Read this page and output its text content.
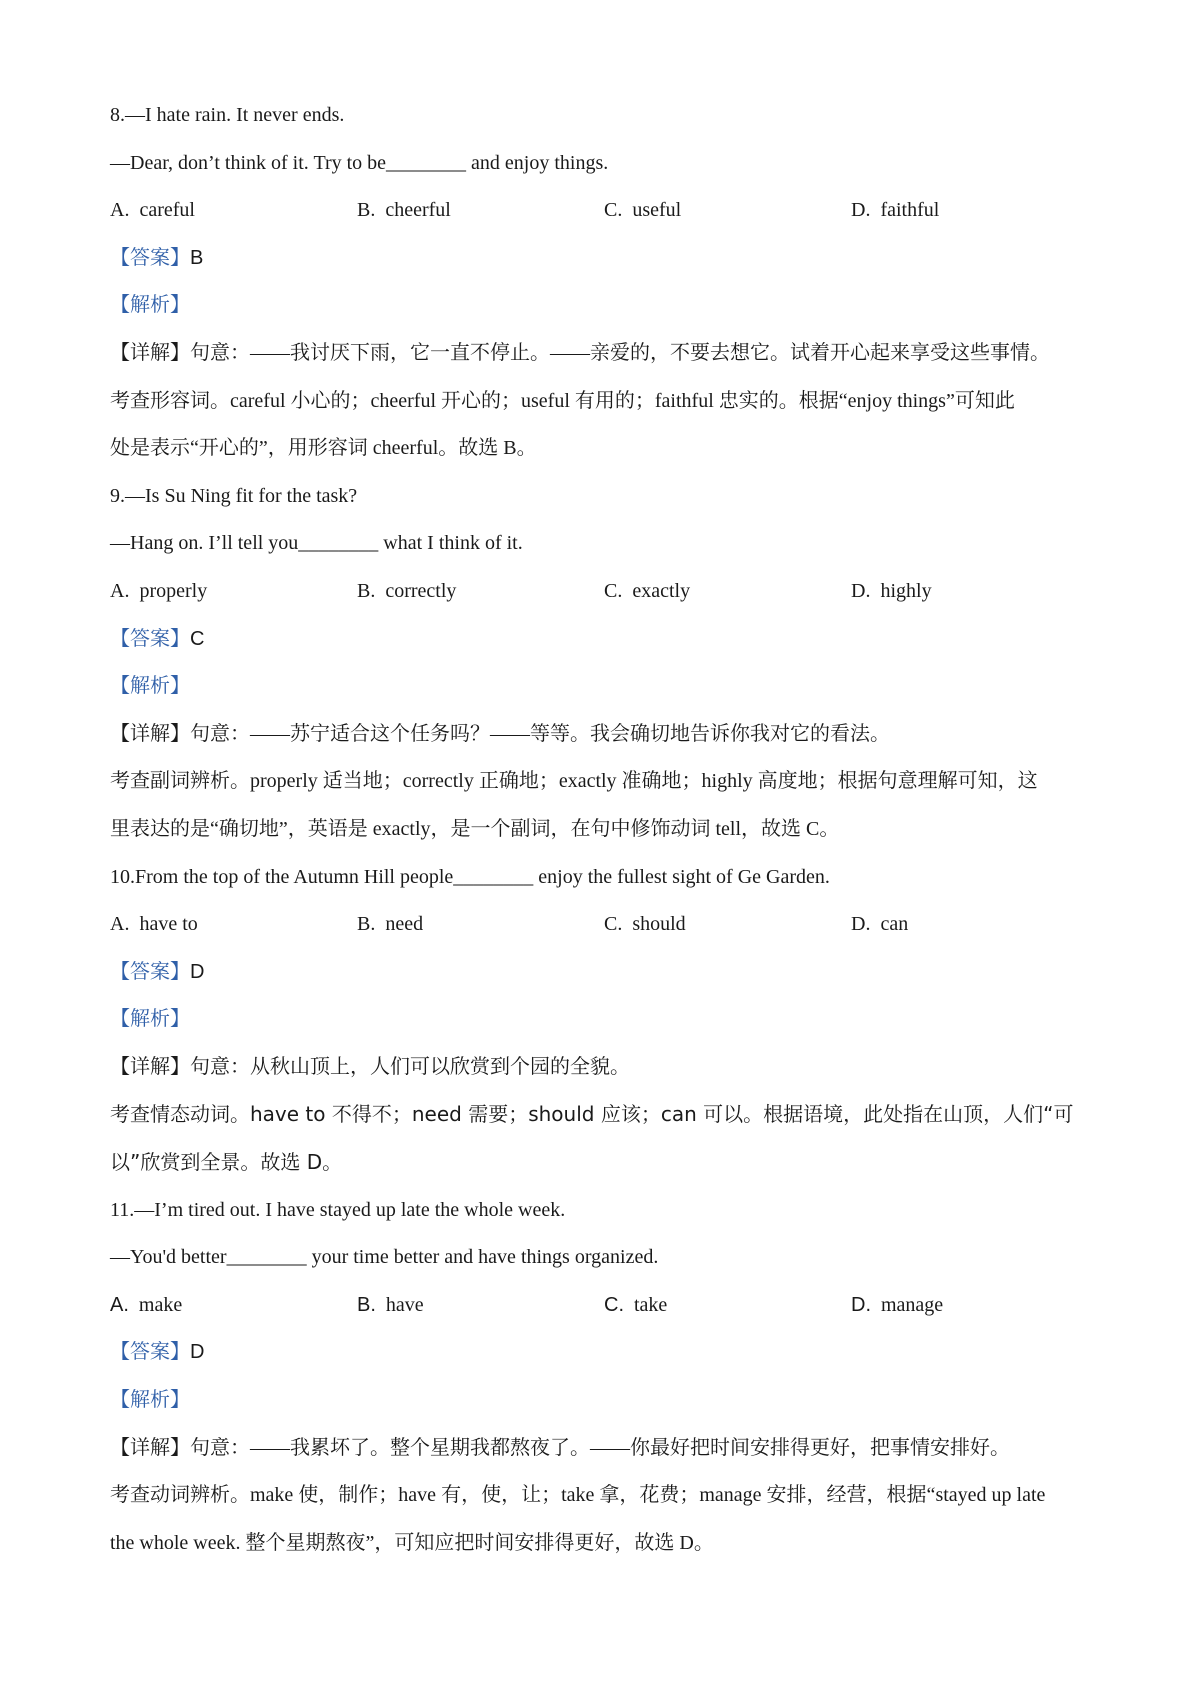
8.—I hate rain. It never ends.
—Dear, don’t think of it. Try to be________ and enjoy things.
A. careful	B. cheerful	C. useful	D. faithful
【答案】B
【解析】
【详解】句意：——我讨厌下雨，它一直不停止。——亲爱的，不要去想它。试着开心起来享受这些事情。
考查形容词。careful 小心的；cheerful 开心的；useful 有用的；faithful 忠实的。根据“enjoy things”可知此
处是表示“开心的”，用形容词 cheerful。故选 B。
9.—Is Su Ning fit for the task?
—Hang on. I’ll tell you________ what I think of it.
A. properly	B. correctly	C. exactly	D. highly
【答案】C
【解析】
【详解】句意：——苏宁适合这个任务吗？——等等。我会确切地告诉你我对它的看法。
考查副词辨析。properly 适当地；correctly 正确地；exactly 准确地；highly 高度地；根据句意理解可知，这
里表达的是“确切地”，英语是 exactly，是一个副词，在句中修饰动词 tell，故选 C。
10.From the top of the Autumn Hill people________ enjoy the fullest sight of Ge Garden.
A. have to	B. need	C. should	D. can
【答案】D
【解析】
【详解】句意：从秋山顶上，人们可以欣赏到个园的全貌。
考查情态动词。have to 不得不；need 需要；should 应该；can 可以。根据语境，此处指在山顶，人们“可
以”欣赏到全景。故选 D。
11.—I’m tired out. I have stayed up late the whole week.
—You'd better________ your time better and have things organized.
A. make	B. have	C. take	D. manage
【答案】D
【解析】
【详解】句意：——我累坏了。整个星期我都熬夜了。——你最好把时间安排得更好，把事情安排好。
考查动词辨析。make 使，制作；have 有，使，让；take 拿，花费；manage 安排，经营，根据“stayed up late
the whole week. 整个星期熬夜”，可知应把时间安排得更好，故选 D。
